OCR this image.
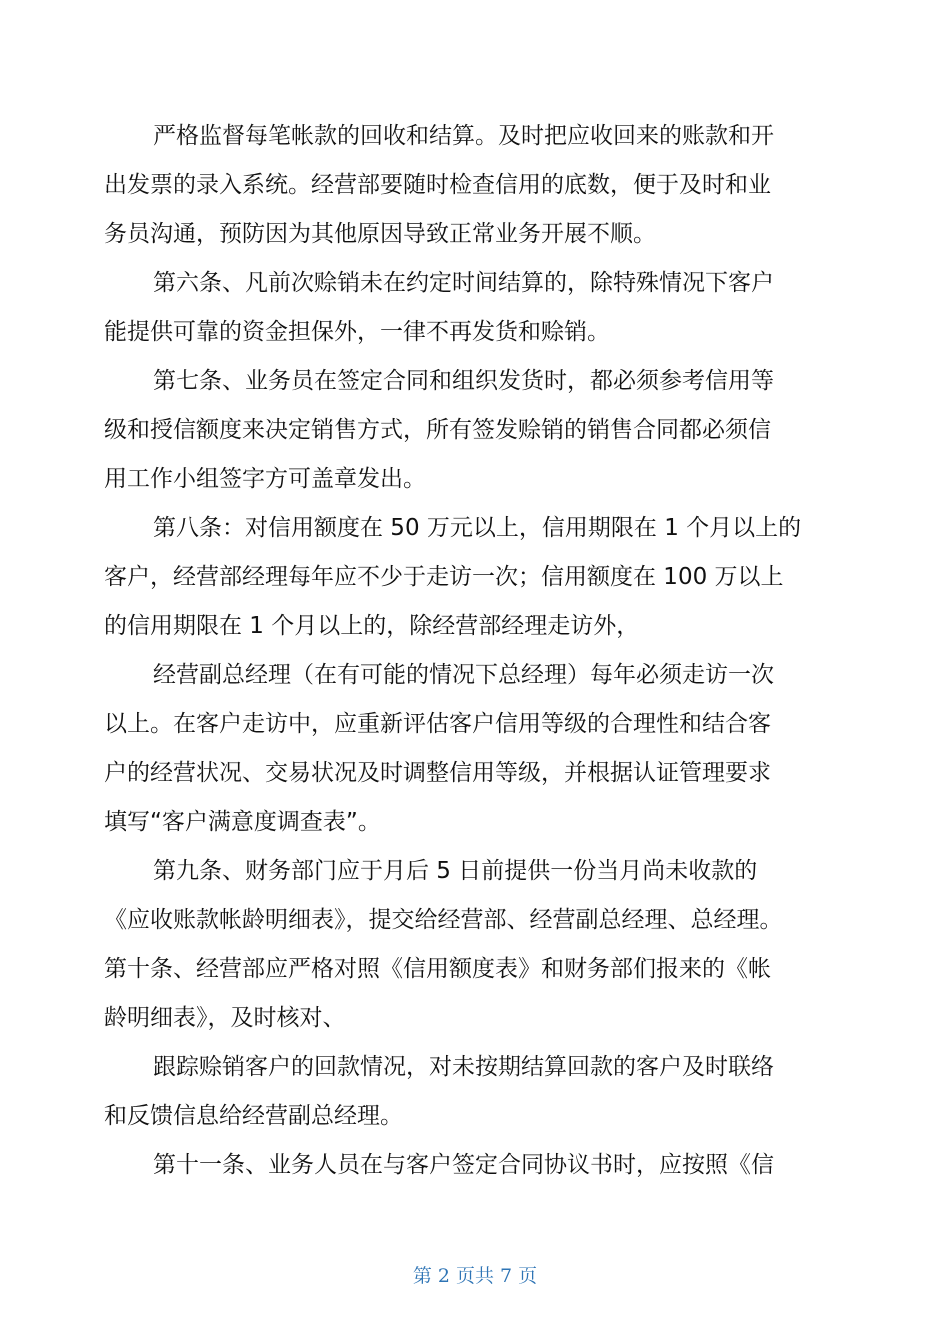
严格监督每笔帐款的回收和结算。及时把应收回来的账款和开
出发票的录入系统。经营部要随时检查信用的底数，便于及时和业
务员沟通，预防因为其他原因导致正常业务开展不顺。
第六条、凡前次赊销未在约定时间结算的，除特殊情况下客户
能提供可靠的资金担保外，一律不再发货和赊销。
第七条、业务员在签定合同和组织发货时，都必须参考信用等
级和授信额度来决定销售方式，所有签发赊销的销售合同都必须信
用工作小组签字方可盖章发出。
第八条：对信用额度在 50 万元以上，信用期限在 1 个月以上的
客户，经营部经理每年应不少于走访一次；信用额度在 100 万以上
的信用期限在 1 个月以上的，除经营部经理走访外，
经营副总经理（在有可能的情况下总经理）每年必须走访一次
以上。在客户走访中，应重新评估客户信用等级的合理性和结合客
户的经营状况、交易状况及时调整信用等级，并根据认证管理要求
填写“客户满意度调查表”。
第九条、财务部门应于月后 5 日前提供一份当月尚未收款的
《应收账款帐龄明细表》，提交给经营部、经营副总经理、总经理。
第十条、经营部应严格对照《信用额度表》和财务部们报来的《帐
龄明细表》，及时核对、
跟踪赊销客户的回款情况，对未按期结算回款的客户及时联络
和反馈信息给经营副总经理。
第十一条、业务人员在与客户签定合同协议书时，应按照《信
第 2 页共 7 页
